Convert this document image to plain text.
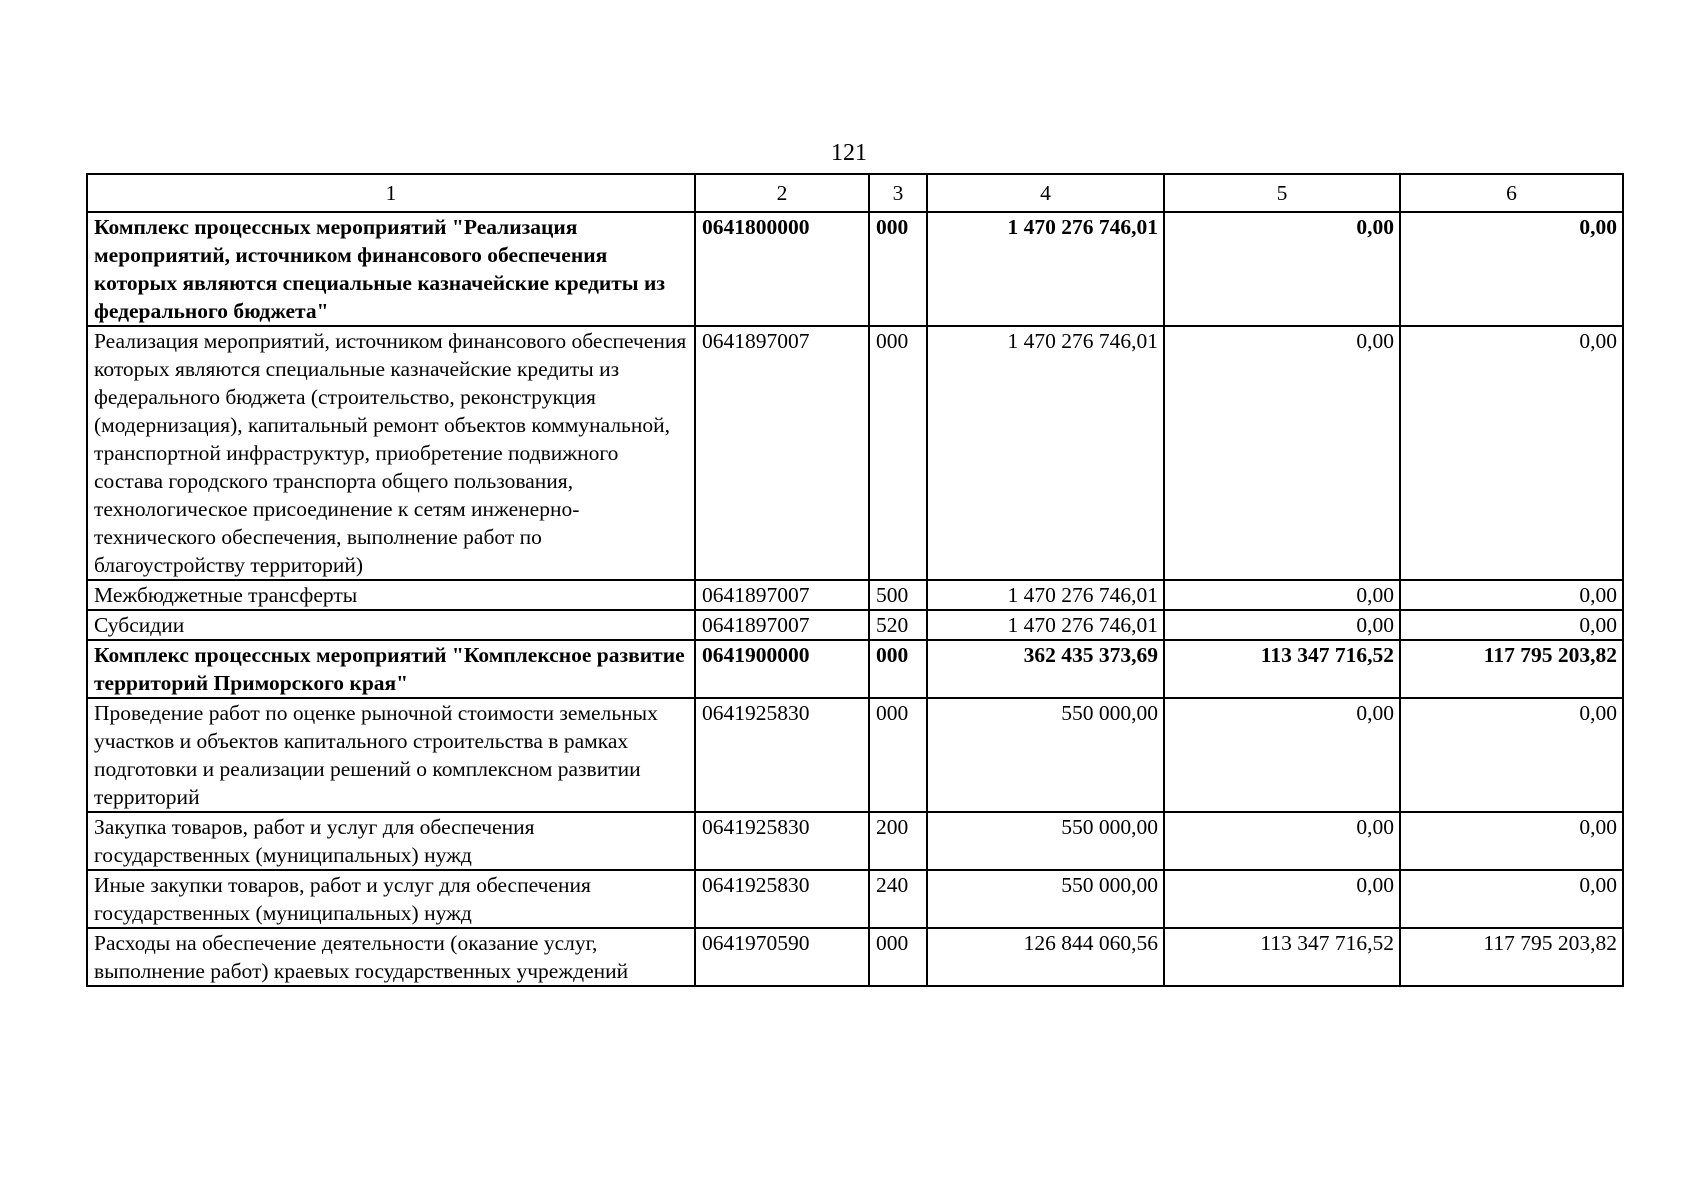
121
1	2	3	4	5	6
Комплекс процессных мероприятий "Реализация мероприятий, источником финансового обеспечения которых являются специальные казначейские кредиты из федерального бюджета"	0641800000	000	1 470 276 746,01	0,00	0,00
Реализация мероприятий, источником финансового обеспечения которых являются специальные казначейские кредиты из федерального бюджета (строительство, реконструкция (модернизация), капитальный ремонт объектов коммунальной, транспортной инфраструктур, приобретение подвижного состава городского транспорта общего пользования, технологическое присоединение к сетям инженерно-технического обеспечения, выполнение работ по благоустройству территорий)	0641897007	000	1 470 276 746,01	0,00	0,00
Межбюджетные трансферты	0641897007	500	1 470 276 746,01	0,00	0,00
Субсидии	0641897007	520	1 470 276 746,01	0,00	0,00
Комплекс процессных мероприятий "Комплексное развитие территорий Приморского края"	0641900000	000	362 435 373,69	113 347 716,52	117 795 203,82
Проведение работ по оценке рыночной стоимости земельных участков и объектов капитального строительства в рамках подготовки и реализации решений о комплексном развитии территорий	0641925830	000	550 000,00	0,00	0,00
Закупка товаров, работ и услуг для обеспечения государственных (муниципальных) нужд	0641925830	200	550 000,00	0,00	0,00
Иные закупки товаров, работ и услуг для обеспечения государственных (муниципальных) нужд	0641925830	240	550 000,00	0,00	0,00
Расходы на обеспечение деятельности (оказание услуг, выполнение работ) краевых государственных учреждений	0641970590	000	126 844 060,56	113 347 716,52	117 795 203,82
